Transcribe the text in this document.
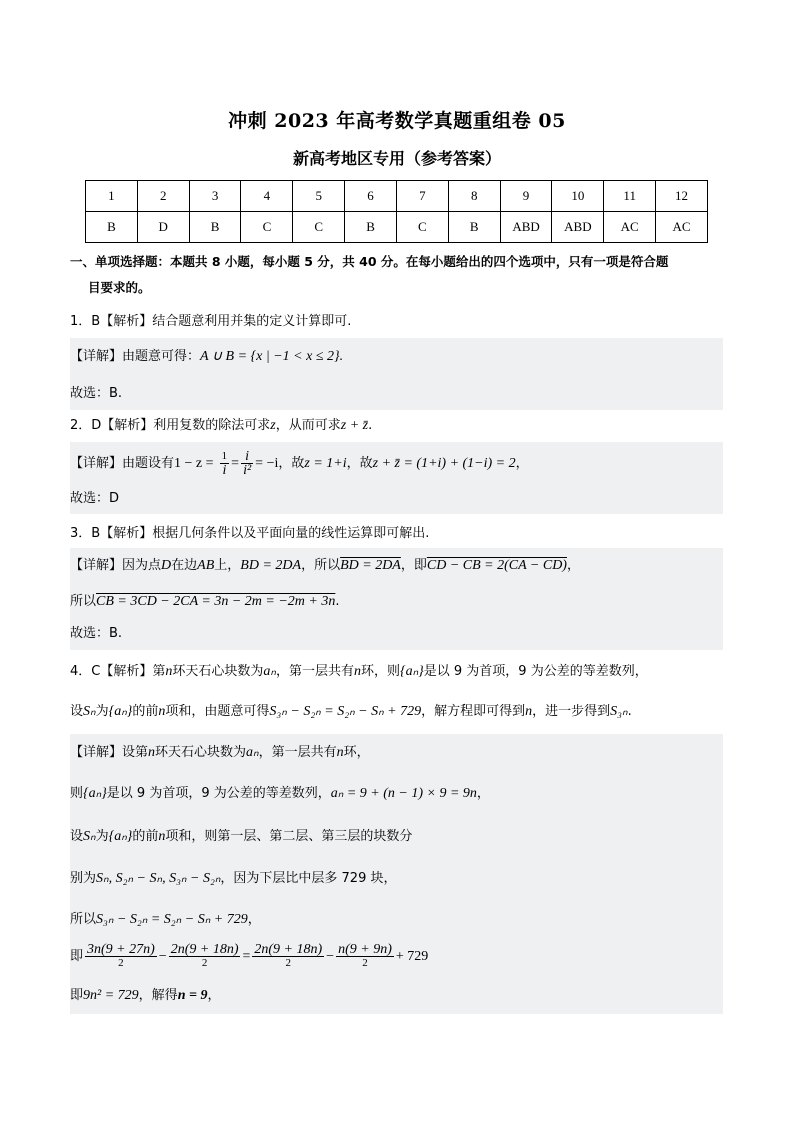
冲刺 2023 年高考数学真题重组卷 05
新高考地区专用（参考答案）
1	2	3	4	5	6	7	8	9	10	11	12
B	D	B	C	C	B	C	B	ABD	ABD	AC	AC
一、单项选择题：本题共 8 小题，每小题 5 分，共 40 分。在每小题给出的四个选项中，只有一项是符合题
目要求的。
1．B【解析】结合题意利用并集的定义计算即可.
【详解】由题意可得：A ∪ B = {x | −1 < x ≤ 2}.
故选：B.
2．D【解析】利用复数的除法可求z，从而可求z + z̄.
【详解】由题设有$1 - z = \frac{1}{i} = \frac{i}{\text{i²}} = -i$，故z = 1+i，故z + z̄ = (1+i) + (1−i) = 2，
故选：D
3．B【解析】根据几何条件以及平面向量的线性运算即可解出.
【详解】因为点D在边AB上，BD = 2DA，所以BD = 2DA，即CD − CB = 2(CA − CD)，
所以CB = 3CD − 2CA = 3n − 2m = −2m + 3n.
故选：B.
4．C【解析】第n环天石心块数为aₙ，第一层共有n环，则{aₙ}是以 9 为首项，9 为公差的等差数列，
设Sₙ为{aₙ}的前n项和，由题意可得S₃ₙ − S₂ₙ = S₂ₙ − Sₙ + 729，解方程即可得到n，进一步得到S₃ₙ.
【详解】设第n环天石心块数为aₙ，第一层共有n环，
则{aₙ}是以 9 为首项，9 为公差的等差数列，aₙ = 9 + (n − 1) × 9 = 9n，
设Sₙ为{aₙ}的前n项和，则第一层、第二层、第三层的块数分
别为Sₙ, S₂ₙ − Sₙ, S₃ₙ − S₂ₙ，因为下层比中层多 729 块，
所以S₃ₙ − S₂ₙ = S₂ₙ − Sₙ + 729，
即 $\frac{3n(9 + 27n)}{2} - \frac{2n(9 + 18n)}{2} = \frac{2n(9 + 18n)}{2} - \frac{n(9 + 9n)}{2} + 729$
即9n² = 729，解得n = 9，
